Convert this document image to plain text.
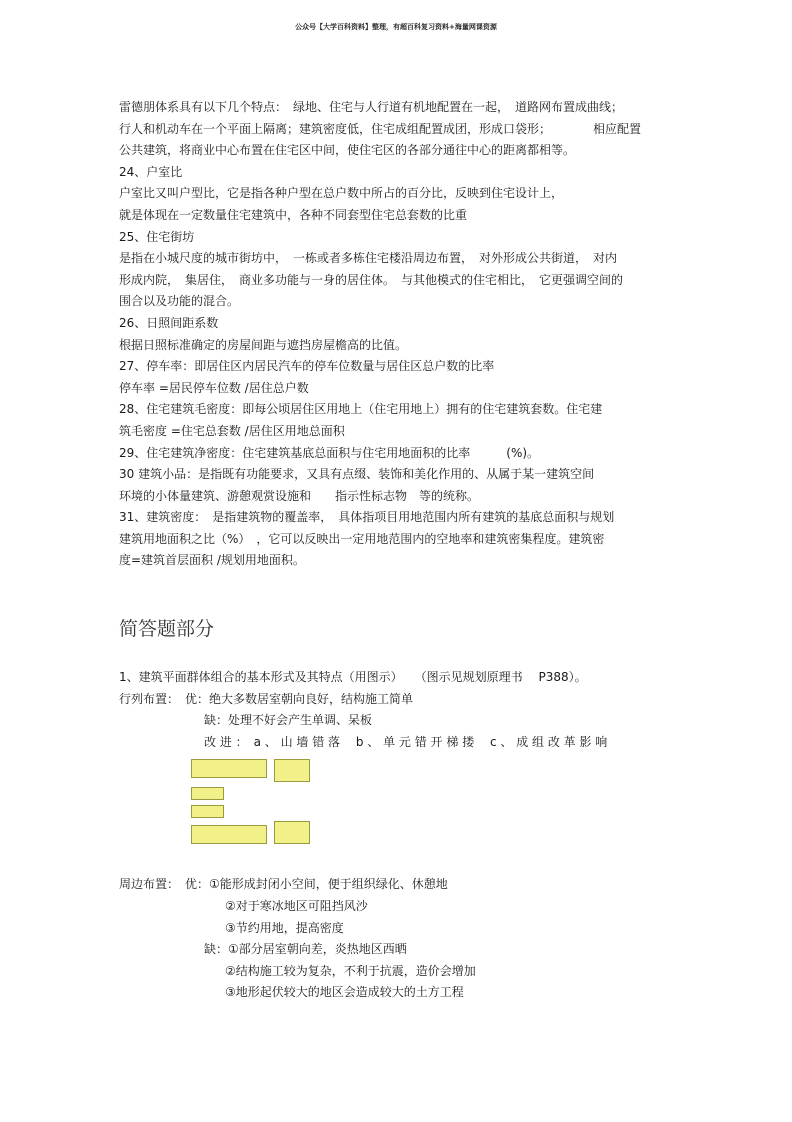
公众号【大学百科资料】整理，有超百科复习资料+海量网课资源
雷德朋体系具有以下几个特点：　绿地、住宅与人行道有机地配置在一起，　道路网布置成曲线；
行人和机动车在一个平面上隔离；建筑密度低，住宅成组配置成团，形成口袋形；　　　　相应配置
公共建筑，将商业中心布置在住宅区中间，使住宅区的各部分通往中心的距离都相等。
24、户室比
户室比又叫户型比，它是指各种户型在总户数中所占的百分比，反映到住宅设计上，
就是体现在一定数量住宅建筑中，各种不同套型住宅总套数的比重
25、住宅街坊
是指在小城尺度的城市街坊中，　一栋或者多栋住宅楼沿周边布置，　对外形成公共街道，　对内
形成内院，　集居住，　商业多功能与一身的居住体。　与其他模式的住宅相比，　它更强调空间的
围合以及功能的混合。
26、日照间距系数
根据日照标准确定的房屋间距与遮挡房屋檐高的比值。
27、停车率：即居住区内居民汽车的停车位数量与居住区总户数的比率
停车率 =居民停车位数 /居住总户数
28、住宅建筑毛密度：即每公顷居住区用地上（住宅用地上）拥有的住宅建筑套数。住宅建
筑毛密度 =住宅总套数 /居住区用地总面积
29、住宅建筑净密度：住宅建筑基底总面积与住宅用地面积的比率　　　(%)。
30 建筑小品：是指既有功能要求，又具有点缀、装饰和美化作用的、从属于某一建筑空间
环境的小体量建筑、游憩观赏设施和　　指示性标志物　等的统称。
31、建筑密度：　是指建筑物的覆盖率，　具体指项目用地范围内所有建筑的基底总面积与规划
建筑用地面积之比（%）　，它可以反映出一定用地范围内的空地率和建筑密集程度。建筑密
度=建筑首层面积 /规划用地面积。
简答题部分
1、建筑平面群体组合的基本形式及其特点（用图示）　　（图示见规划原理书　 P388）。
行列布置：　优：绝大多数居室朝向良好，结构施工简单
缺：处理不好会产生单调、呆板
改 进 ：　a 、 山 墙 错 落　 b 、 单 元 错 开 梯 搂　 c 、 成 组 改 革 影 响
周边布置：　优：①能形成封闭小空间，便于组织绿化、休憩地
②对于寒冰地区可阻挡风沙
③节约用地，提高密度
缺：①部分居室朝向差，炎热地区西晒
②结构施工较为复杂，不利于抗震，造价会增加
③地形起伏较大的地区会造成较大的土方工程
